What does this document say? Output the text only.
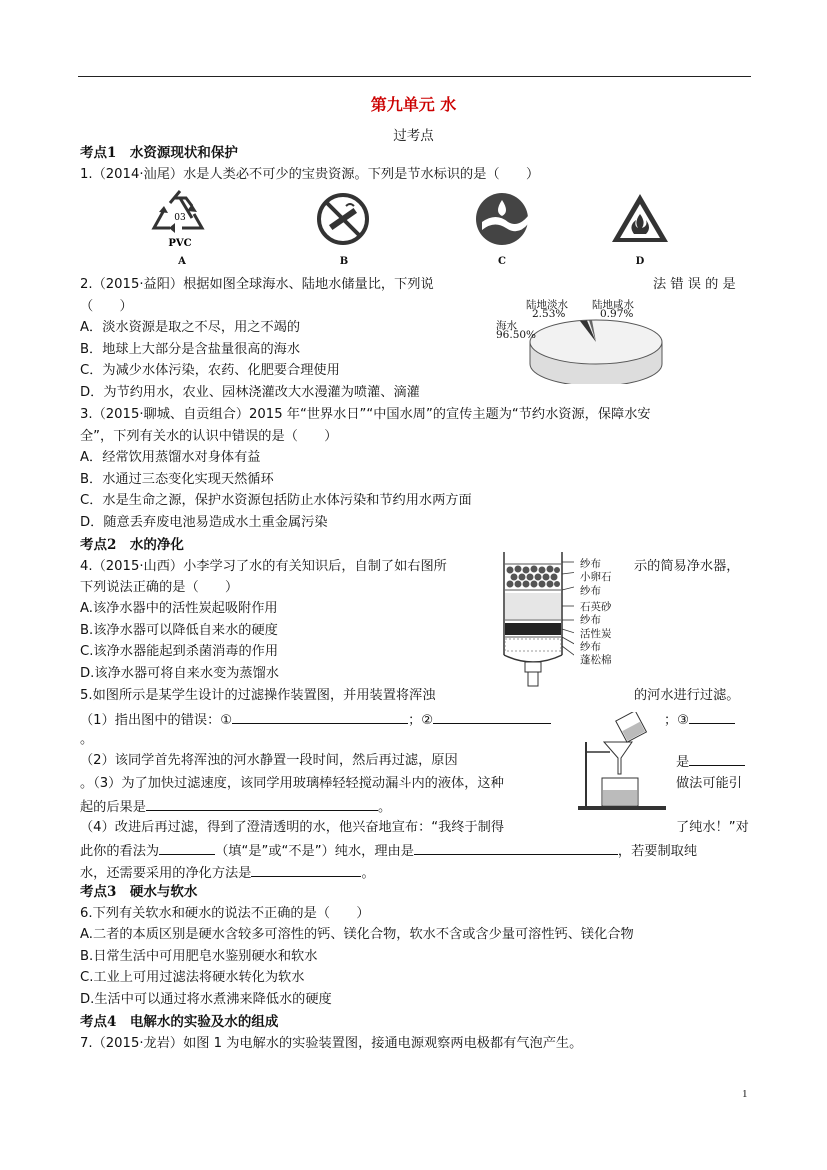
第九单元 水
过考点
考点1　水资源现状和保护
1.（2014·汕尾）水是人类必不可少的宝贵资源。下列是节水标识的是（　　）
03
PVC
A	B	C	D
2.（2015·益阳）根据如图全球海水、陆地水储量比，下列说	法 错 误 的 是
（　　）
A．淡水资源是取之不尽，用之不竭的
B．地球上大部分是含盐量很高的海水
C．为减少水体污染，农药、化肥要合理使用
D．为节约用水，农业、园林浇灌改大水漫灌为喷灌、滴灌
海水
96.50%
陆地淡水
2.53%
陆地咸水
0.97%
3.（2015·聊城、自贡组合）2015 年“世界水日”“中国水周”的宣传主题为“节约水资源，保障水安
全”，下列有关水的认识中错误的是（　　）
A．经常饮用蒸馏水对身体有益
B．水通过三态变化实现天然循环
C．水是生命之源，保护水资源包括防止水体污染和节约用水两方面
D．随意丢弃废电池易造成水土重金属污染
考点2　水的净化
4.（2015·山西）小李学习了水的有关知识后，自制了如右图所	示的简易净水器，
下列说法正确的是（　　）
A.该净水器中的活性炭起吸附作用
B.该净水器可以降低自来水的硬度
C.该净水器能起到杀菌消毒的作用
D.该净水器可将自来水变为蒸馏水
纱布
小卵石
纱布
石英砂
纱布
活性炭
纱布
蓬松棉
5.如图所示是某学生设计的过滤操作装置图，并用装置将浑浊	的河水进行过滤。
（1）指出图中的错误：①	；②	；③
。
（2）该同学首先将浑浊的河水静置一段时间，然后再过滤，原因	是
。（3）为了加快过滤速度，该同学用玻璃棒轻轻搅动漏斗内的液体，这种	做法可能引
起的后果是	。
（4）改进后再过滤，得到了澄清透明的水，他兴奋地宣布：“我终于制得	了纯水！”对
此你的看法为	（填“是”或“不是”）纯水，理由是	，若要制取纯
水，还需要采用的净化方法是	。
考点3　硬水与软水
6.下列有关软水和硬水的说法不正确的是（　　）
A.二者的本质区别是硬水含较多可溶性的钙、镁化合物，软水不含或含少量可溶性钙、镁化合物
B.日常生活中可用肥皂水鉴别硬水和软水
C.工业上可用过滤法将硬水转化为软水
D.生活中可以通过将水煮沸来降低水的硬度
考点4　电解水的实验及水的组成
7.（2015·龙岩）如图 1 为电解水的实验装置图，接通电源观察两电极都有气泡产生。
1
